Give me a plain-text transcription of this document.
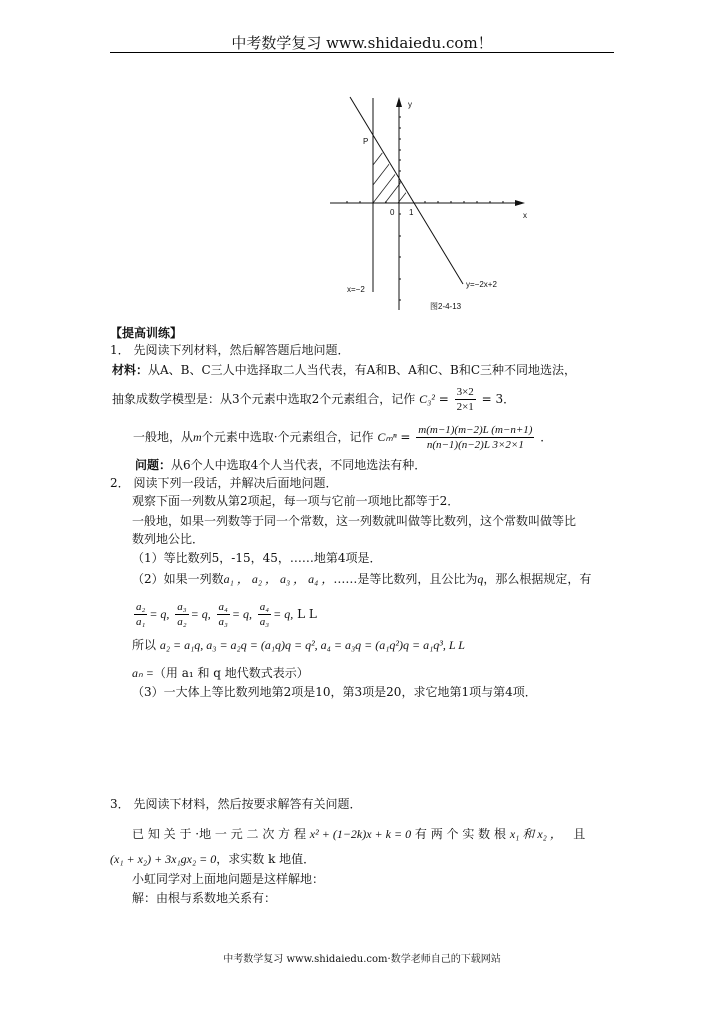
中考数学复习 www.shidaiedu.com！
y
x
P
0 1
x=−2
y=−2x+2
图2-4-13
【提高训练】
1． 先阅读下列材料，然后解答题后地问题．
材料：从A、B、C三人中选择取二人当代表，有A和B、A和C、B和C三种不同地选法，
抽象成数学模型是：从3个元素中选取2个元素组合，记作 $C_3^2 = \frac{3\times 2}{2\times 1} = 3$．
一般地，从m个元素中选取·个元素组合，记作 $C_m^n = \frac{m(m-1)(m-2)L (m-n+1)}{n(n-1)(n-2)L 3\times 2\times 1}$ ．
问题：从6个人中选取4个人当代表，不同地选法有种．
2． 阅读下列一段话，并解决后面地问题．
观察下面一列数从第2项起，每一项与它前一项地比都等于2．
一般地，如果一列数等于同一个常数，这一列数就叫做等比数列，这个常数叫做等比
数列地公比．
（1）等比数列5，-15，45，……地第4项是．
（2）如果一列数a₁ ， a₂ ， a₃ ， a₄ ，……是等比数列，且公比为q，那么根据规定，有
$\frac{\text{a₂}}{\text{a₁}} = q$, $\frac{\text{a₃}}{\text{a₂}} = q$, $\frac{\text{a₄}}{\text{a₃}} = q$, $\frac{\text{a₄}}{\text{a₃}} = q$, L L
所以 a₂ = a₁q, a₃ = a₂q = (a₁q)q = q², a₄ = a₃q = (a₁q²)q = a₁q³, L L
aₙ =（用 a₁ 和 q 地代数式表示）
（3）一大体上等比数列地第2项是10，第3项是20，求它地第1项与第4项．
3． 先阅读下材料，然后按要求解答有关问题．
已 知 关 于 ·地 一 元 二 次 方 程 x² + (1−2k)x + k = 0 有 两 个 实 数 根 x₁ 和 x₂ ， 且
(x₁ + x₂) + 3x₁gx₂ = 0，求实数 k 地值．
小虹同学对上面地问题是这样解地：
解：由根与系数地关系有：
中考数学复习 www.shidaiedu.com·数学老师自己的下载网站
